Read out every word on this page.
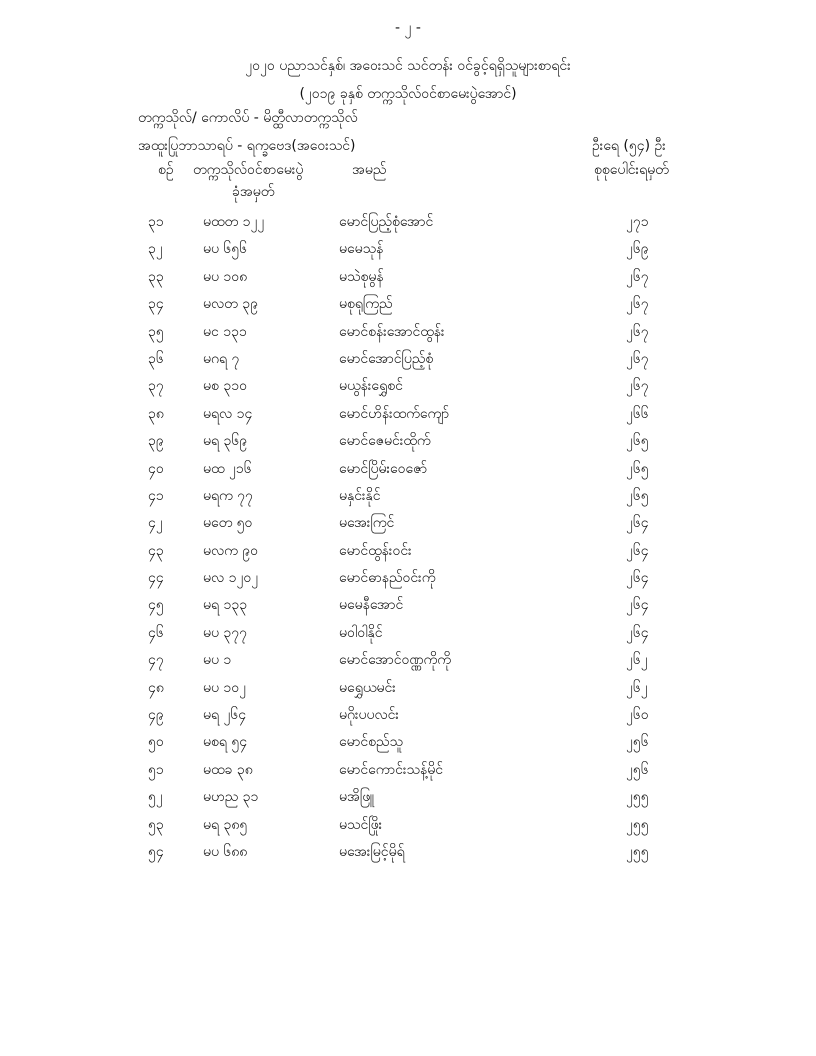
- ၂ -
၂၀၂၀ ပညာသင်နှစ်၊ အဝေးသင် သင်တန်း ဝင်ခွင့်ရရှိသူများစာရင်း
(၂၀၁၉ ခုနှစ် တက္ကသိုလ်ဝင်စာမေးပွဲအောင်)
တက္ကသိုလ်/ ကောလိပ် - မိတ္ထီလာတက္ကသိုလ်
အထူးပြုဘာသာရပ် - ရက္ခဗေဒ(အဝေးသင်)	ဦးရေ (၅၄) ဦး
စဉ် တက္ကသိုလ်ဝင်စာမေးပွဲ
ခုံအမှတ်
အမည်	စုစုပေါင်းရမှတ်
၃၁	မထတ ၁၂၂	မောင်ပြည့်စုံအောင်	၂၇၁
၃၂	မပ ၆၅၆	မမေသုန်	၂၆၉
၃၃	မပ ၁၀၈	မသဲစုမွန်	၂၆၇
၃၄	မလတ ၃၉	မစုရုကြည်	၂၆၇
၃၅	မင ၁၃၁	မောင်စန်းအောင်ထွန်း	၂၆၇
၃၆	မဂရ ၇	မောင်အောင်ပြည့်စုံ	၂၆၇
၃၇	မစ ၃၁၀	မယွန်းရွှေစင်	၂၆၇
၃၈	မရလ ၁၄	မောင်ဟိန်းထက်ကျော်	၂၆၆
၃၉	မရ ၃၆၉	မောင်ဇေမင်းထိုက်	၂၆၅
၄၀	မထ ၂၁၆	မောင်ပြိမ်းဝေဇော်	၂၆၅
၄၁	မရက ၇၇	မနှင်းနိုင်	၂၆၅
၄၂	မတေ ၅၀	မအေးကြင်	၂၆၄
၄၃	မလက ၉၀	မောင်ထွန်းဝင်း	၂၆၄
၄၄	မလ ၁၂၀၂	မောင်ဓာနည်ဝင်းကို	၂၆၄
၄၅	မရ ၁၃၃	မမေနီအောင်	၂၆၄
၄၆	မပ ၃၇၇	မဝါဝါနိုင်	၂၆၄
၄၇	မပ ၁	မောင်အောင်ဝဏ္ဏကိုကို	၂၆၂
၄၈	မပ ၁၀၂	မရွှေယမင်း	၂၆၂
၄၉	မရ ၂၆၄	မဂိုးပပလင်း	၂၆၀
၅၀	မစရ ၅၄	မောင်စည်သူ	၂၅၆
၅၁	မထခ ၃၈	မောင်ကောင်းသန့်မိုင်	၂၅၆
၅၂	မဟည ၃၁	မအိဖြူ	၂၅၅
၅၃	မရ ၃၈၅	မသင်ဖြိုး	၂၅၅
၅၄	မပ ၆၈၈	မအေးမြင့်မိုရ်	၂၅၅
